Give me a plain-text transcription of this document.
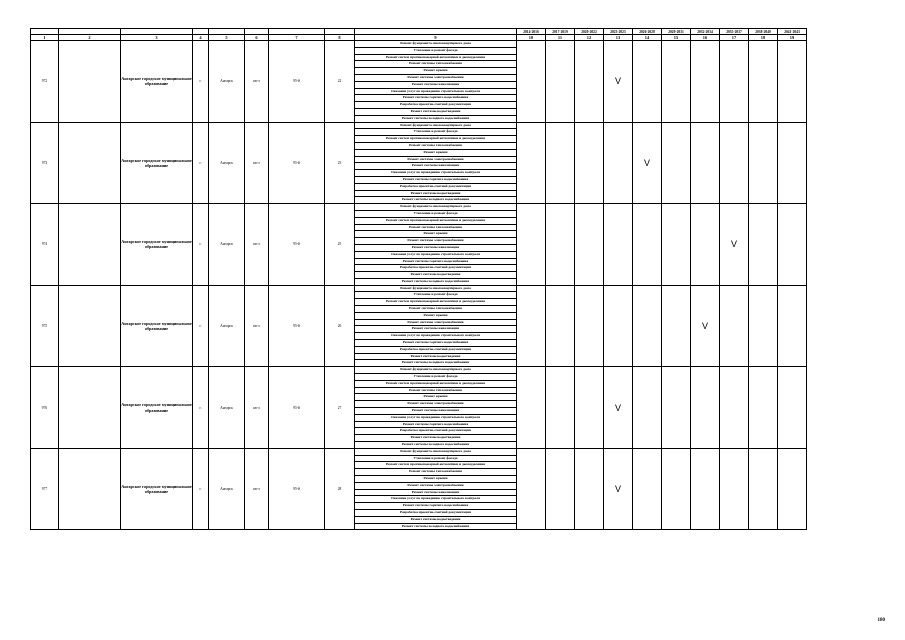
									2014-2016	2017-2019	2020-2022	2023-2025	2026-2028	2029-2031	2032-2034	2035-2037	2038-2040	2041-2043
1	2	3	4	5	6	7	8	9	10	11	12	13	14	15	16	17	18	19
972		Ангарское городское муниципальное образование	г.	Ангарск	кв-л	95-й	22	Ремонт фундамента многоквартирного дома				V						
								Утепление и ремонт фасада										
								Ремонт систем противопожарной автоматики и дымоудаления										
								Ремонт системы теплоснабжения										
								Ремонт крыши										
								Ремонт системы электроснабжения										
								Ремонт системы канализации										
								Оказание услуг по проведению строительного контроля										
								Ремонт системы горячего водоснабжения										
								Разработка проектно-сметной документации										
								Ремонт системы водоотведения										
								Ремонт системы холодного водоснабжения										
973		Ангарское городское муниципальное образование	г.	Ангарск	кв-л	95-й	23	Ремонт фундамента многоквартирного дома					V					
								Утепление и ремонт фасада										
								Ремонт систем противопожарной автоматики и дымоудаления										
								Ремонт системы теплоснабжения										
								Ремонт крыши										
								Ремонт системы электроснабжения										
								Ремонт системы канализации										
								Оказание услуг по проведению строительного контроля										
								Ремонт системы горячего водоснабжения										
								Разработка проектно-сметной документации										
								Ремонт системы водоотведения										
								Ремонт системы холодного водоснабжения										
974		Ангарское городское муниципальное образование	г.	Ангарск	кв-л	95-й	25	Ремонт фундамента многоквартирного дома								V		
								Утепление и ремонт фасада										
								Ремонт систем противопожарной автоматики и дымоудаления										
								Ремонт системы теплоснабжения										
								Ремонт крыши										
								Ремонт системы электроснабжения										
								Ремонт системы канализации										
								Оказание услуг по проведению строительного контроля										
								Ремонт системы горячего водоснабжения										
								Разработка проектно-сметной документации										
								Ремонт системы водоотведения										
								Ремонт системы холодного водоснабжения										
975		Ангарское городское муниципальное образование	г.	Ангарск	кв-л	95-й	26	Ремонт фундамента многоквартирного дома							V			
								Утепление и ремонт фасада										
								Ремонт систем противопожарной автоматики и дымоудаления										
								Ремонт системы теплоснабжения										
								Ремонт крыши										
								Ремонт системы электроснабжения										
								Ремонт системы канализации										
								Оказание услуг по проведению строительного контроля										
								Ремонт системы горячего водоснабжения										
								Разработка проектно-сметной документации										
								Ремонт системы водоотведения										
								Ремонт системы холодного водоснабжения										
976		Ангарское городское муниципальное образование	г.	Ангарск	кв-л	95-й	27	Ремонт фундамента многоквартирного дома				V						
								Утепление и ремонт фасада										
								Ремонт систем противопожарной автоматики и дымоудаления										
								Ремонт системы теплоснабжения										
								Ремонт крыши										
								Ремонт системы электроснабжения										
								Ремонт системы канализации										
								Оказание услуг по проведению строительного контроля										
								Ремонт системы горячего водоснабжения										
								Разработка проектно-сметной документации										
								Ремонт системы водоотведения										
								Ремонт системы холодного водоснабжения										
977		Ангарское городское муниципальное образование	г.	Ангарск	кв-л	95-й	28	Ремонт фундамента многоквартирного дома				V						
								Утепление и ремонт фасада										
								Ремонт систем противопожарной автоматики и дымоудаления										
								Ремонт системы теплоснабжения										
								Ремонт крыши										
								Ремонт системы электроснабжения										
								Ремонт системы канализации										
								Оказание услуг по проведению строительного контроля										
								Ремонт системы горячего водоснабжения										
								Разработка проектно-сметной документации										
								Ремонт системы водоотведения										
								Ремонт системы холодного водоснабжения										
180
